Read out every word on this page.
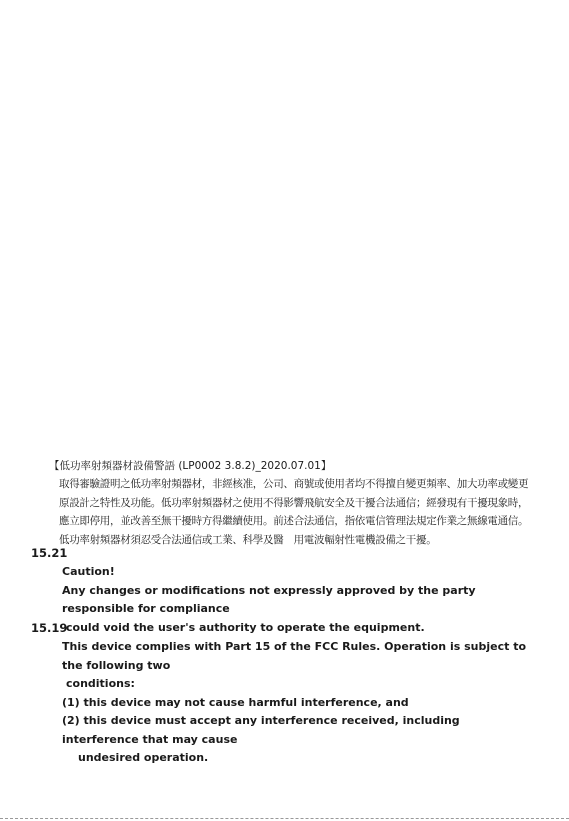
【低功率射頻器材設備警語 (LP0002 3.8.2)_2020.07.01】

取得審驗證明之低功率射頻器材，非經核准，公司、商號或使用者均不得擅自變更頻率、加大功率或變更原設計之特性及功能。低功率射頻器材之使用不得影響飛航安全及干擾合法通信；經發現有干擾現象時，應立即停用，並改善至無干擾時方得繼續使用。前述合法通信，指依電信管理法規定作業之無線電通信。低功率射頻器材須忍受合法通信或工業、科學及醫　用電波輻射性電機設備之干擾。

15.21
Caution!
Any changes or modifications not expressly approved by the party responsible for compliance
could void the user's authority to operate the equipment.
15.19
This device complies with Part 15 of the FCC Rules. Operation is subject to the following two
conditions:
(1) this device may not cause harmful interference, and
(2) this device must accept any interference received, including interference that may cause
undesired operation.
